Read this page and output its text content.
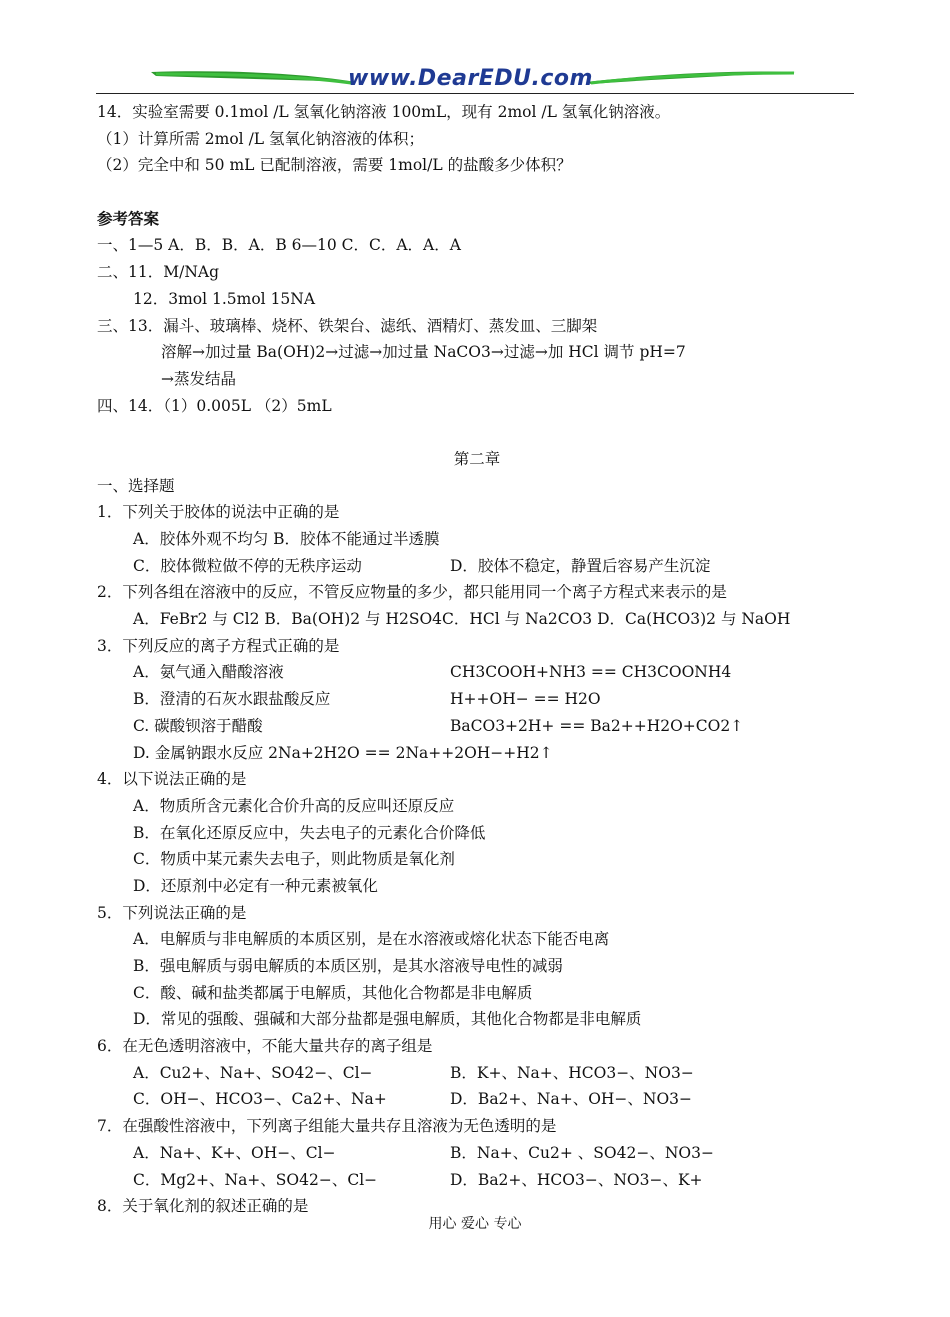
www.DearEDU.com
14．实验室需要 0.1mol /L 氢氧化钠溶液 100mL，现有 2mol /L 氢氧化钠溶液。
（1）计算所需 2mol /L 氢氧化钠溶液的体积；
（2）完全中和 50 mL 已配制溶液，需要 1mol/L 的盐酸多少体积？
参考答案
一、1—5 A．B．B．A．B 6—10 C．C．A．A．A
二、11．M/NAg
12．3mol 1.5mol 15NA
三、13．漏斗、玻璃棒、烧杯、铁架台、滤纸、酒精灯、蒸发皿、三脚架
溶解→加过量 Ba(OH)2→过滤→加过量 NaCO3→过滤→加 HCl 调节 pH=7
→蒸发结晶
四、14．（1）0.005L （2）5mL
第二章
一、选择题
1．下列关于胶体的说法中正确的是
A．胶体外观不均匀 B．胶体不能通过半透膜
C．胶体微粒做不停的无秩序运动	D．胶体不稳定，静置后容易产生沉淀
2．下列各组在溶液中的反应，不管反应物量的多少，都只能用同一个离子方程式来表示的是
A．FeBr2 与 Cl2 B．Ba(OH)2 与 H2SO4C．HCl 与 Na2CO3 D．Ca(HCO3)2 与 NaOH
3．下列反应的离子方程式正确的是
A．氨气通入醋酸溶液	CH3COOH+NH3 == CH3COONH4
B．澄清的石灰水跟盐酸反应	H++OH− == H2O
C. 碳酸钡溶于醋酸	BaCO3+2H+ == Ba2++H2O+CO2↑
D. 金属钠跟水反应 2Na+2H2O == 2Na++2OH−+H2↑
4．以下说法正确的是
A．物质所含元素化合价升高的反应叫还原反应
B．在氧化还原反应中，失去电子的元素化合价降低
C．物质中某元素失去电子，则此物质是氧化剂
D．还原剂中必定有一种元素被氧化
5．下列说法正确的是
A．电解质与非电解质的本质区别，是在水溶液或熔化状态下能否电离
B．强电解质与弱电解质的本质区别，是其水溶液导电性的减弱
C．酸、碱和盐类都属于电解质，其他化合物都是非电解质
D．常见的强酸、强碱和大部分盐都是强电解质，其他化合物都是非电解质
6．在无色透明溶液中，不能大量共存的离子组是
A．Cu2+、Na+、SO42−、Cl−	B．K+、Na+、HCO3−、NO3−
C．OH−、HCO3−、Ca2+、Na+	D．Ba2+、Na+、OH−、NO3−
7．在强酸性溶液中，下列离子组能大量共存且溶液为无色透明的是
A．Na+、K+、OH−、Cl−	B．Na+、Cu2+ 、SO42−、NO3−
C．Mg2+、Na+、SO42−、Cl−	D．Ba2+、HCO3−、NO3−、K+
8．关于氧化剂的叙述正确的是
用心 爱心 专心
